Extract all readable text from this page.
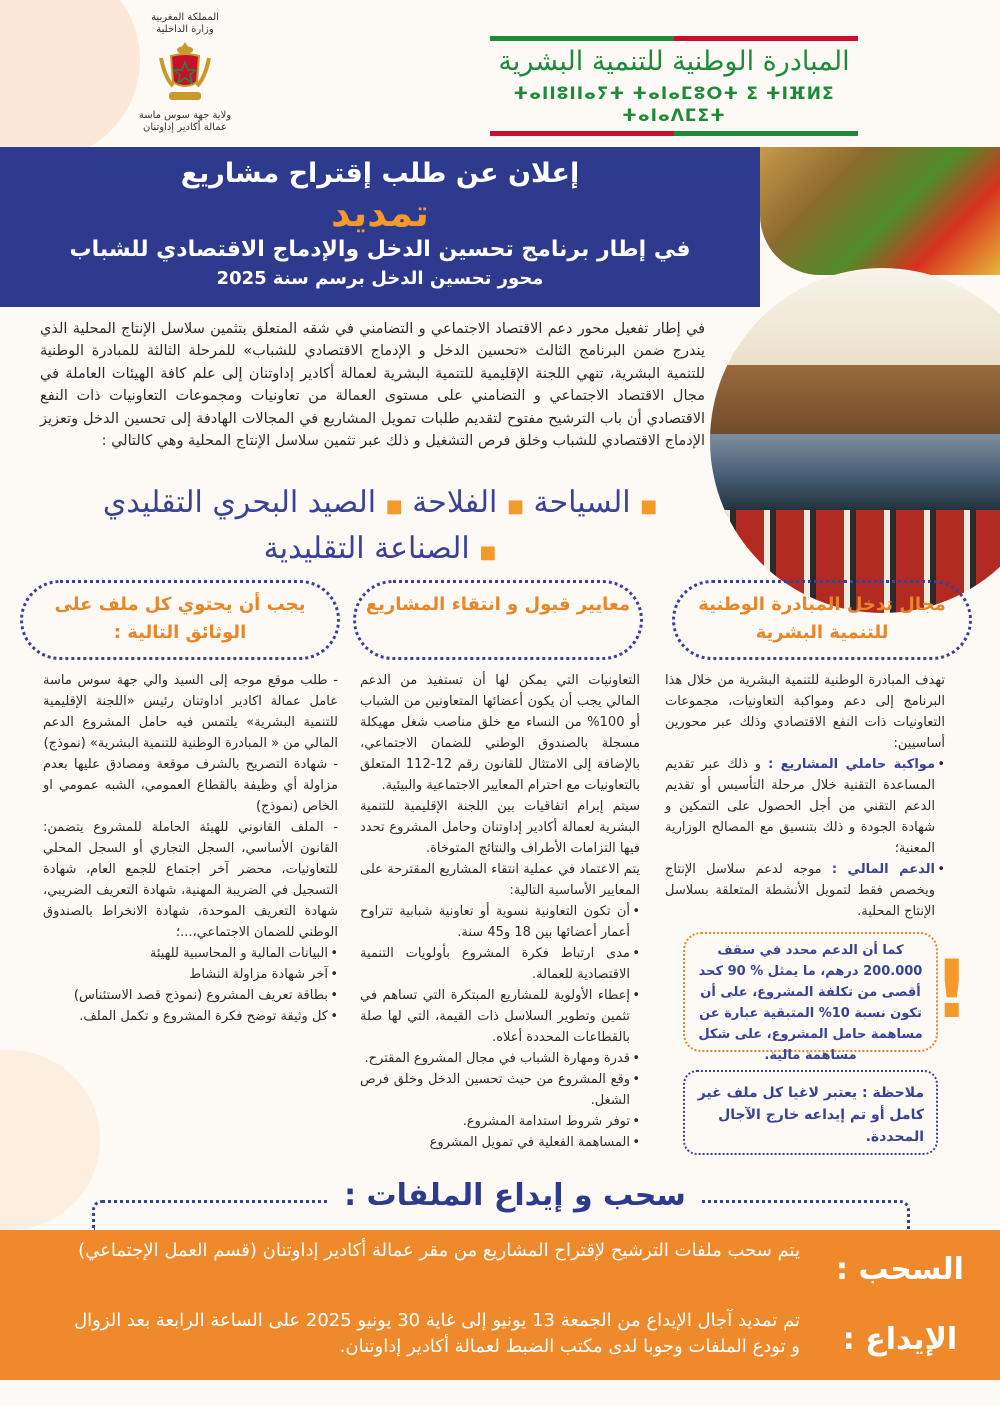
المملكة المغربية
وزارة الداخلية
ولاية جهة سوس ماسة
عمالة أكادير إداوتنان
المبادرة الوطنية للتنمية البشرية
ⵜⴰⵏⵏⵓⵏⵏⴰⵢⵜ ⵜⴰⵏⴰⵎⵓⵔⵜ ⵉ ⵜⵏⴼⵍⵉ ⵜⴰⵏⴰⴷⵎⵉⵜ
إعلان عن طلب إقتراح مشاريع
تمديد
في إطار برنامج تحسين الدخل والإدماج الاقتصادي للشباب
محور تحسين الدخل برسم سنة 2025
في إطار تفعيل محور دعم الاقتصاد الاجتماعي و التضامني في شقه المتعلق بتثمين سلاسل الإنتاج المحلية الذي يندرج ضمن البرنامج الثالث «تحسين الدخل و الإدماج الاقتصادي للشباب» للمرحلة الثالثة للمبادرة الوطنية للتنمية البشرية، تنهي اللجنة الإقليمية للتنمية البشرية لعمالة أكادير إداوتنان إلى علم كافة الهيئات العاملة في مجال الاقتصاد الاجتماعي و التضامني على مستوى العمالة من تعاونيات ومجموعات التعاونيات ذات النفع الاقتصادي أن باب الترشيح مفتوح لتقديم طلبات تمويل المشاريع في المجالات الهادفة إلى تحسين الدخل وتعزيز الإدماج الاقتصادي للشباب وخلق فرص التشغيل و ذلك عبر تثمين سلاسل الإنتاج المحلية وهي كالتالي :
■ السياحة ■ الفلاحة ■ الصيد البحري التقليدي
■ الصناعة التقليدية
مجال تدخل المبادرة الوطنية للتنمية البشرية
معايير قبول و انتقاء المشاريع
يجب أن يحتوي كل ملف على الوثائق التالية :

تهدف المبادرة الوطنية للتنمية البشرية من خلال هذا البرنامج إلى دعم ومواكبة التعاونيات، مجموعات التعاونيات ذات النفع الاقتصادي وذلك عبر محورين أساسيين:

• مواكبة حاملي المشاريع : و ذلك عبر تقديم المساعدة التقنية خلال مرحلة التأسيس أو تقديم الدعم التقني من أجل الحصول على التمكين و شهادة الجودة و ذلك بتنسيق مع المصالح الوزارية المعنية؛

• الدعم المالي : موجه لدعم سلاسل الإنتاج ويخصص فقط لتمويل الأنشطة المتعلقة بسلاسل الإنتاج المحلية.

التعاونيات التي يمكن لها أن تستفيد من الدعم المالي يجب أن يكون أعضائها المتعاونين من الشباب أو 100% من النساء مع خلق مناصب شغل مهيكلة مسجلة بالصندوق الوطني للضمان الاجتماعي، بالإضافة إلى الامتثال للقانون رقم 12-112 المتعلق بالتعاونيات مع احترام المعايير الاجتماعية والبيئية.

سيتم إبرام اتفاقيات بين اللجنة الإقليمية للتنمية البشرية لعمالة أكادير إداوتنان وحامل المشروع تحدد فيها التزامات الأطراف والنتائج المتوخاة.

يتم الاعتماد في عملية انتقاء المشاريع المقترحة على المعايير الأساسية التالية:

• أن تكون التعاونية نسوية أو تعاونية شبابية تتراوح أعمار أعضائها بين 18 و45 سنة.
• مدى ارتباط فكرة المشروع بأولويات التنمية الاقتصادية للعمالة.
• إعطاء الأولوية للمشاريع المبتكرة التي تساهم في تثمين وتطوير السلاسل ذات القيمة، التي لها صلة بالقطاعات المحددة أعلاه.
• قدرة ومهارة الشباب في مجال المشروع المقترح.
• وقع المشروع من حيث تحسين الدخل وخلق فرص الشغل.
• توفر شروط استدامة المشروع.
• المساهمة الفعلية في تمويل المشروع

- طلب موقع موجه إلى السيد والي جهة سوس ماسة عامل عمالة اكادير اداوتنان رئيس «اللجنة الإقليمية للتنمية البشرية» يلتمس فيه حامل المشروع الدعم المالي من « المبادرة الوطنية للتنمية البشرية» (نموذج)

- شهادة التصريح بالشرف موقعة ومصادق عليها بعدم مزاولة أي وظيفة بالقطاع العمومي، الشبه عمومي او الخاص (نموذج)

- الملف القانوني للهيئة الحاملة للمشروع يتضمن: القانون الأساسي، السجل التجاري أو السجل المحلي للتعاونيات، محضر آخر اجتماع للجمع العام، شهادة التسجيل في الضريبة المهنية، شهادة التعريف الضريبي، شهادة التعريف الموحدة، شهادة الانخراط بالصندوق الوطني للضمان الاجتماعي،...؛

• البيانات المالية و المحاسبية للهيئة
• آخر شهادة مزاولة النشاط
• بطاقة تعريف المشروع (نموذج قصد الاستئناس)
• كل وثيقة توضح فكرة المشروع و تكمل الملف.
كما أن الدعم محدد في سقف 200.000 درهم، ما يمثل % 90 كحد أقصى من تكلفة المشروع، على أن تكون نسبة 10% المتبقية عبارة عن مساهمة حامل المشروع، على شكل مساهمة مالية.
!
ملاحظة : يعتبر لاغيا كل ملف غير كامل أو تم إيداعه خارج الآجال المحددة.
سحب و إيداع الملفات :
السحب :
يتم سحب ملفات الترشيح لإقتراح المشاريع من مقر عمالة أكادير إداوتنان (قسم العمل الإجتماعي)
الإيداع :
تم تمديد آجال الإيداع من الجمعة 13 يونيو إلى غاية 30 يونيو 2025 على الساعة الرابعة بعد الزوال و تودع الملفات وجوبا لدى مكتب الضبط لعمالة أكادير إداوتنان.
